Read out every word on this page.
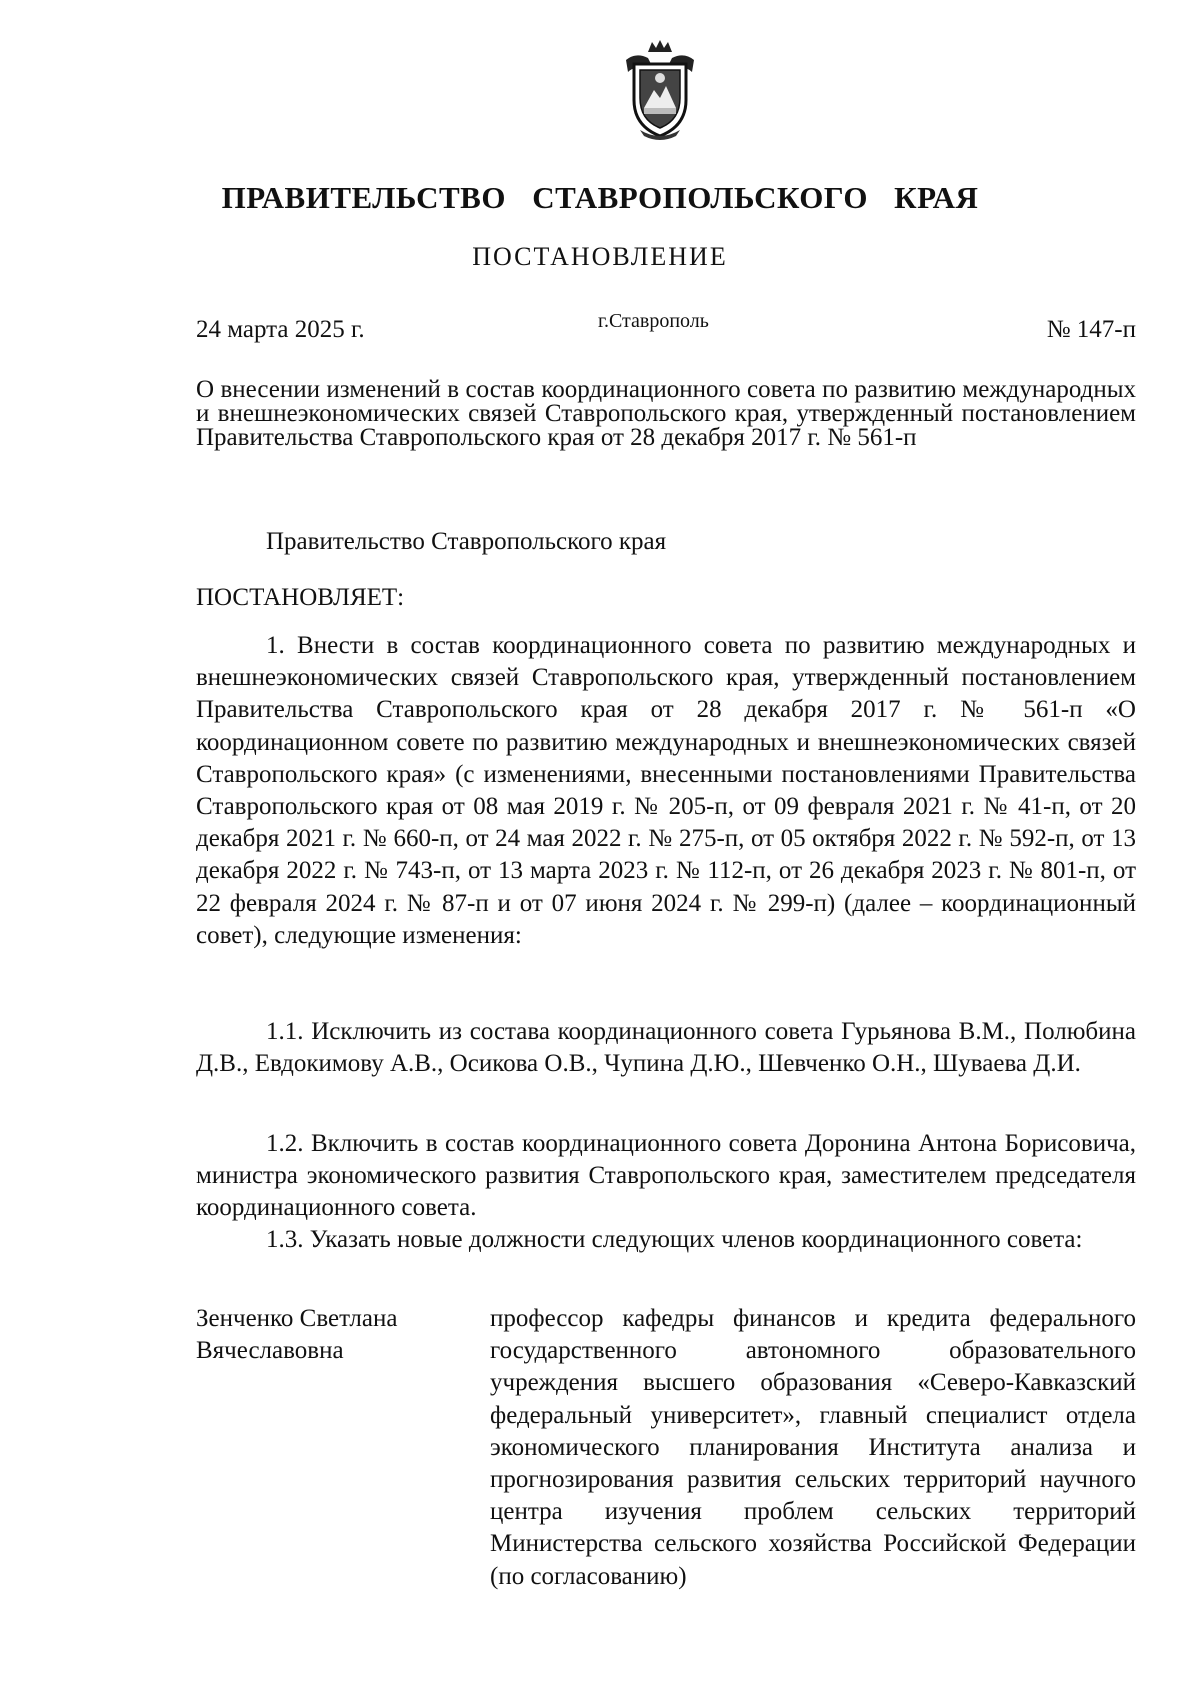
ПРАВИТЕЛЬСТВО СТАВРОПОЛЬСКОГО КРАЯ
ПОСТАНОВЛЕНИЕ
24 марта 2025 г.	г.Ставрополь	№ 147-п
О внесении изменений в состав координационного совета по развитию международных и внешнеэкономических связей Ставропольского края, утвержденный постановлением Правительства Ставропольского края от 28 декабря 2017 г. № 561-п
Правительство Ставропольского края
ПОСТАНОВЛЯЕТ:

1. Внести в состав координационного совета по развитию международных и внешнеэкономических связей Ставропольского края, утвержденный постановлением Правительства Ставропольского края от 28 декабря 2017 г. № 561-п «О координационном совете по развитию международных и внешнеэкономических связей Ставропольского края» (с изменениями, внесенными постановлениями Правительства Ставропольского края от 08 мая 2019 г. № 205-п, от 09 февраля 2021 г. № 41-п, от 20 декабря 2021 г. № 660-п, от 24 мая 2022 г. № 275-п, от 05 октября 2022 г. № 592-п, от 13 декабря 2022 г. № 743-п, от 13 марта 2023 г. № 112-п, от 26 декабря 2023 г. № 801-п, от 22 февраля 2024 г. № 87-п и от 07 июня 2024 г. № 299-п) (далее – координационный совет), следующие изменения:

1.1. Исключить из состава координационного совета Гурьянова В.М., Полюбина Д.В., Евдокимову А.В., Осикова О.В., Чупина Д.Ю., Шевченко О.Н., Шуваева Д.И.

1.2. Включить в состав координационного совета Доронина Антона Борисовича, министра экономического развития Ставропольского края, заместителем председателя координационного совета.

1.3. Указать новые должности следующих членов координационного совета:

Зенченко Светлана Вячеславовна
профессор кафедры финансов и кредита федерального государственного автономного образовательного учреждения высшего образования «Северо-Кавказский федеральный университет», главный специалист отдела экономического планирования Института анализа и прогнозирования развития сельских территорий научного центра изучения проблем сельских территорий Министерства сельского хозяйства Российской Федерации (по согласованию)
